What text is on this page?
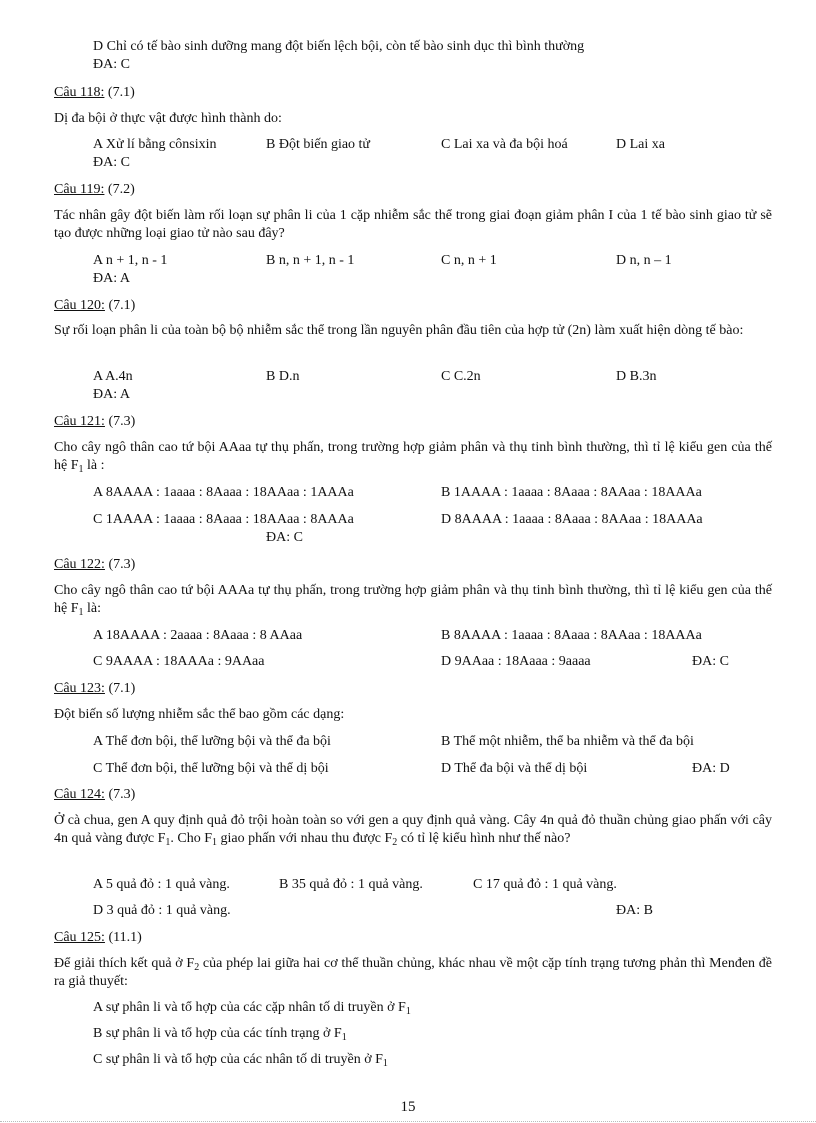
D Chỉ có tế bào sinh dưỡng mang đột biến lệch bội, còn tế bào sinh dục thì bình thường
ĐA: C
Câu 118: (7.1)
Dị đa bội ở thực vật được hình thành do:
A Xử lí bằng cônsixin	B Đột biến giao tử	C Lai xa và đa bội hoá	D Lai xa
ĐA: C
Câu 119: (7.2)
Tác nhân gây đột biến làm rối loạn sự phân li của 1 cặp nhiễm sắc thể trong giai đoạn giảm phân I của 1 tế bào sinh giao tử sẽ tạo được những loại giao tử nào sau đây?
A n + 1, n - 1	B n, n + 1, n - 1	C n, n + 1	D n, n – 1
ĐA: A
Câu 120: (7.1)
Sự rối loạn phân li của toàn bộ bộ nhiễm sắc thể trong lần nguyên phân đầu tiên của hợp tử (2n) làm xuất hiện dòng tế bào:
A A.4n	B D.n	C C.2n	D B.3n
ĐA: A
Câu 121: (7.3)
Cho cây ngô thân cao tứ bội AAaa tự thụ phấn, trong trường hợp giảm phân và thụ tinh bình thường, thì tỉ lệ kiểu gen của thế hệ $F_1$ là :
A 8AAAA : 1aaaa : 8Aaaa : 18AAaa : 1AAAa	B 1AAAA : 1aaaa : 8Aaaa : 8AAaa : 18AAAa
C 1AAAA : 1aaaa : 8Aaaa : 18AAaa : 8AAAa	D 8AAAA : 1aaaa : 8Aaaa : 8AAaa : 18AAAa
ĐA: C
Câu 122: (7.3)
Cho cây ngô thân cao tứ bội AAAa tự thụ phấn, trong trường hợp giảm phân và thụ tinh bình thường, thì tỉ lệ kiểu gen của thế hệ $F_1$ là:
A 18AAAA : 2aaaa : 8Aaaa : 8 AAaa	B 8AAAA : 1aaaa : 8Aaaa : 8AAaa : 18AAAa
C 9AAAA : 18AAAa : 9AAaa	D 9AAaa : 18Aaaa : 9aaaa	ĐA: C
Câu 123: (7.1)
Đột biến số lượng nhiễm sắc thể bao gồm các dạng:
A Thể đơn bội, thể lưỡng bội và thể đa bội	B Thể một nhiễm, thể ba nhiễm và thể đa bội
C Thể đơn bội, thể lưỡng bội và thể dị bội	D Thể đa bội và thể dị bội	ĐA: D
Câu 124: (7.3)
Ở cà chua, gen A quy định quả đỏ trội hoàn toàn so với gen a quy định quả vàng. Cây 4n quả đỏ thuần chủng giao phấn với cây 4n quả vàng được $F_1$. Cho $F_1$ giao phấn với nhau thu được $F_2$ có tỉ lệ kiểu hình như thế nào?
A 5 quả đỏ : 1 quả vàng.	B 35 quả đỏ : 1 quả vàng.	C 17 quả đỏ : 1 quả vàng.
D 3 quả đỏ : 1 quả vàng.	ĐA: B
Câu 125: (11.1)
Để giải thích kết quả ở $F_2$ của phép lai giữa hai cơ thể thuần chủng, khác nhau về một cặp tính trạng tương phản thì Menđen đề ra giả thuyết:
A sự phân li và tổ hợp của các cặp nhân tố di truyền ở $F_1$
B sự phân li và tổ hợp của các tính trạng ở $F_1$
C sự phân li và tổ hợp của các nhân tố di truyền ở $F_1$
15
